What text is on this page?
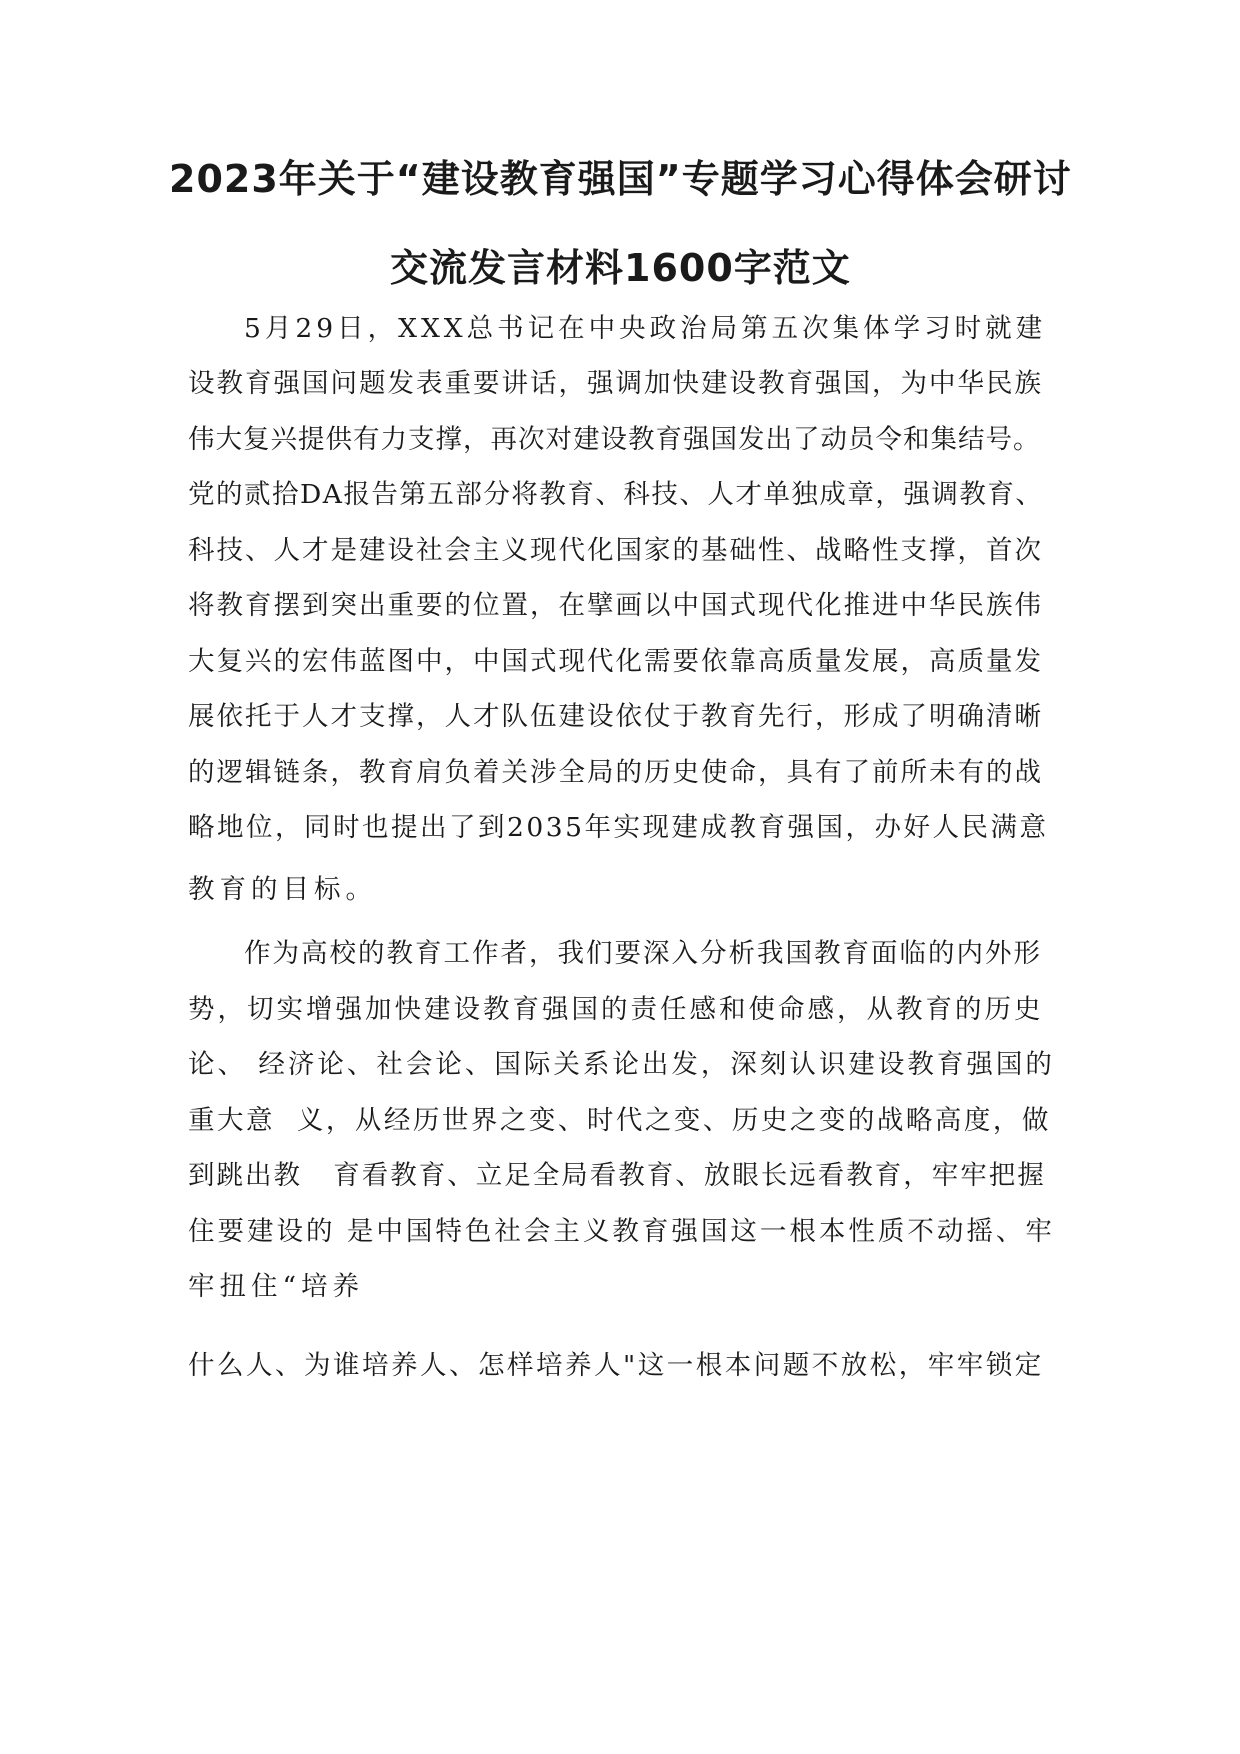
2023年关于“建设教育强国”专题学习心得体会研讨
交流发言材料1600字范文
5月29日，XXX总书记在中央政治局第五次集体学习时就建
设教育强国问题发表重要讲话，强调加快建设教育强国，为中华民族
伟大复兴提供有力支撑，再次对建设教育强国发出了动员令和集结号。
党的贰拾DA报告第五部分将教育、科技、人才单独成章，强调教育、
科技、人才是建设社会主义现代化国家的基础性、战略性支撑，首次
将教育摆到突出重要的位置，在擘画以中国式现代化推进中华民族伟
大复兴的宏伟蓝图中，中国式现代化需要依靠高质量发展，高质量发
展依托于人才支撑，人才队伍建设依仗于教育先行，形成了明确清晰
的逻辑链条，教育肩负着关涉全局的历史使命，具有了前所未有的战
略地位，同时也提出了到2035年实现建成教育强国，办好人民满意
教育的目标。
作为高校的教育工作者，我们要深入分析我国教育面临的内外形
势，切实增强加快建设教育强国的责任感和使命感，从教育的历史
论、 经济论、社会论、国际关系论出发，深刻认识建设教育强国的
重大意  义，从经历世界之变、时代之变、历史之变的战略高度，做
到跳出教   育看教育、立足全局看教育、放眼长远看教育，牢牢把握
住要建设的 是中国特色社会主义教育强国这一根本性质不动摇、牢
牢扭住“培养
什么人、为谁培养人、怎样培养人"这一根本问题不放松，牢牢锁定
